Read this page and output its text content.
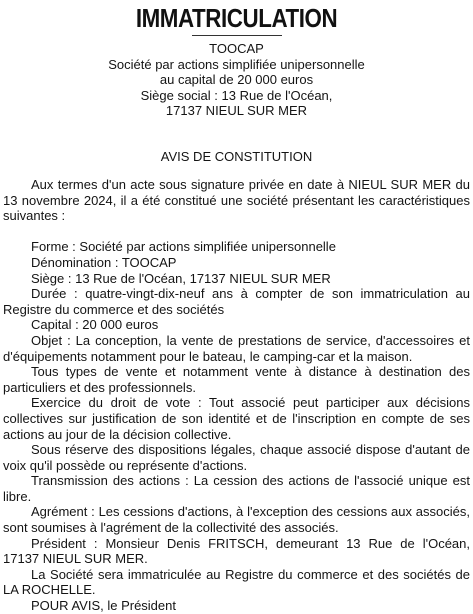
IMMATRICULATION
TOOCAP
Société par actions simplifiée unipersonnelle
au capital de 20 000 euros
Siège social : 13 Rue de l'Océan,
17137 NIEUL SUR MER
AVIS DE CONSTITUTION

Aux termes d'un acte sous signature privée en date à NIEUL SUR MER du 13 novembre 2024, il a été constitué une société présentant les caractéristiques suivantes :

Forme : Société par actions simplifiée unipersonnelle

Dénomination : TOOCAP

Siège : 13 Rue de l'Océan, 17137 NIEUL SUR MER

Durée : quatre-vingt-dix-neuf ans à compter de son immatriculation au Registre du commerce et des sociétés

Capital : 20 000 euros

Objet : La conception, la vente de prestations de service, d'accessoires et d'équipements notamment pour le bateau, le camping-car et la maison.

Tous types de vente et notamment vente à distance à destination des particuliers et des professionnels.

Exercice du droit de vote : Tout associé peut participer aux décisions collectives sur justification de son identité et de l'inscription en compte de ses actions au jour de la décision collective.

Sous réserve des dispositions légales, chaque associé dispose d'autant de voix qu'il possède ou représente d'actions.

Transmission des actions : La cession des actions de l'associé unique est libre.

Agrément : Les cessions d'actions, à l'exception des cessions aux associés, sont soumises à l'agrément de la collectivité des associés.

Président : Monsieur Denis FRITSCH, demeurant 13 Rue de l'Océan, 17137 NIEUL SUR MER.

La Société sera immatriculée au Registre du commerce et des sociétés de LA ROCHELLE.

POUR AVIS, le Président
